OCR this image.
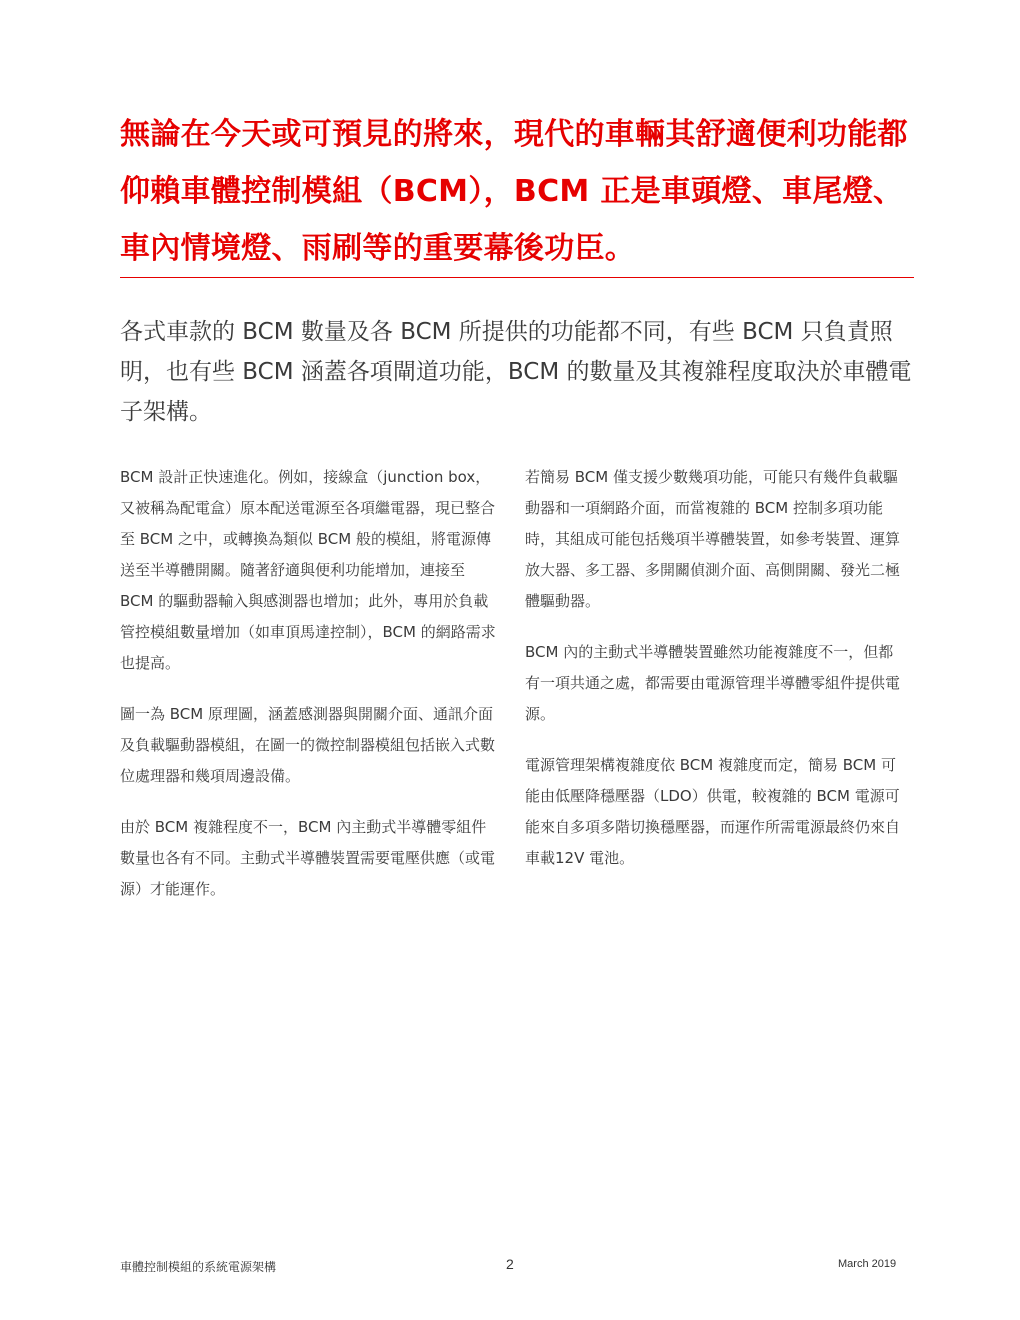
無論在今天或可預見的將來，現代的車輛其舒適便利功能都仰賴車體控制模組（BCM），BCM 正是車頭燈、車尾燈、車內情境燈、雨刷等的重要幕後功臣。

各式車款的 BCM 數量及各 BCM 所提供的功能都不同，有些 BCM 只負責照明，也有些 BCM 涵蓋各項閘道功能，BCM 的數量及其複雜程度取決於車體電子架構。

BCM 設計正快速進化。例如，接線盒（junction box，又被稱為配電盒）原本配送電源至各項繼電器，現已整合至 BCM 之中，或轉換為類似 BCM 般的模組，將電源傳送至半導體開關。隨著舒適與便利功能增加，連接至 BCM 的驅動器輸入與感測器也增加；此外，專用於負載管控模組數量增加（如車頂馬達控制），BCM 的網路需求也提高。

圖一為 BCM 原理圖，涵蓋感測器與開關介面、通訊介面及負載驅動器模組，在圖一的微控制器模組包括嵌入式數位處理器和幾項周邊設備。

由於 BCM 複雜程度不一，BCM 內主動式半導體零組件數量也各有不同。主動式半導體裝置需要電壓供應（或電源）才能運作。

若簡易 BCM 僅支援少數幾項功能，可能只有幾件負載驅動器和一項網路介面，而當複雜的 BCM 控制多項功能時，其組成可能包括幾項半導體裝置，如參考裝置、運算放大器、多工器、多開關偵測介面、高側開關、發光二極體驅動器。

BCM 內的主動式半導體裝置雖然功能複雜度不一，但都有一項共通之處，都需要由電源管理半導體零組件提供電源。

電源管理架構複雜度依 BCM 複雜度而定，簡易 BCM 可能由低壓降穩壓器（LDO）供電，較複雜的 BCM 電源可能來自多項多階切換穩壓器，而運作所需電源最終仍來自車載12V 電池。

車體控制模組的系統電源架構	2	March 2019
